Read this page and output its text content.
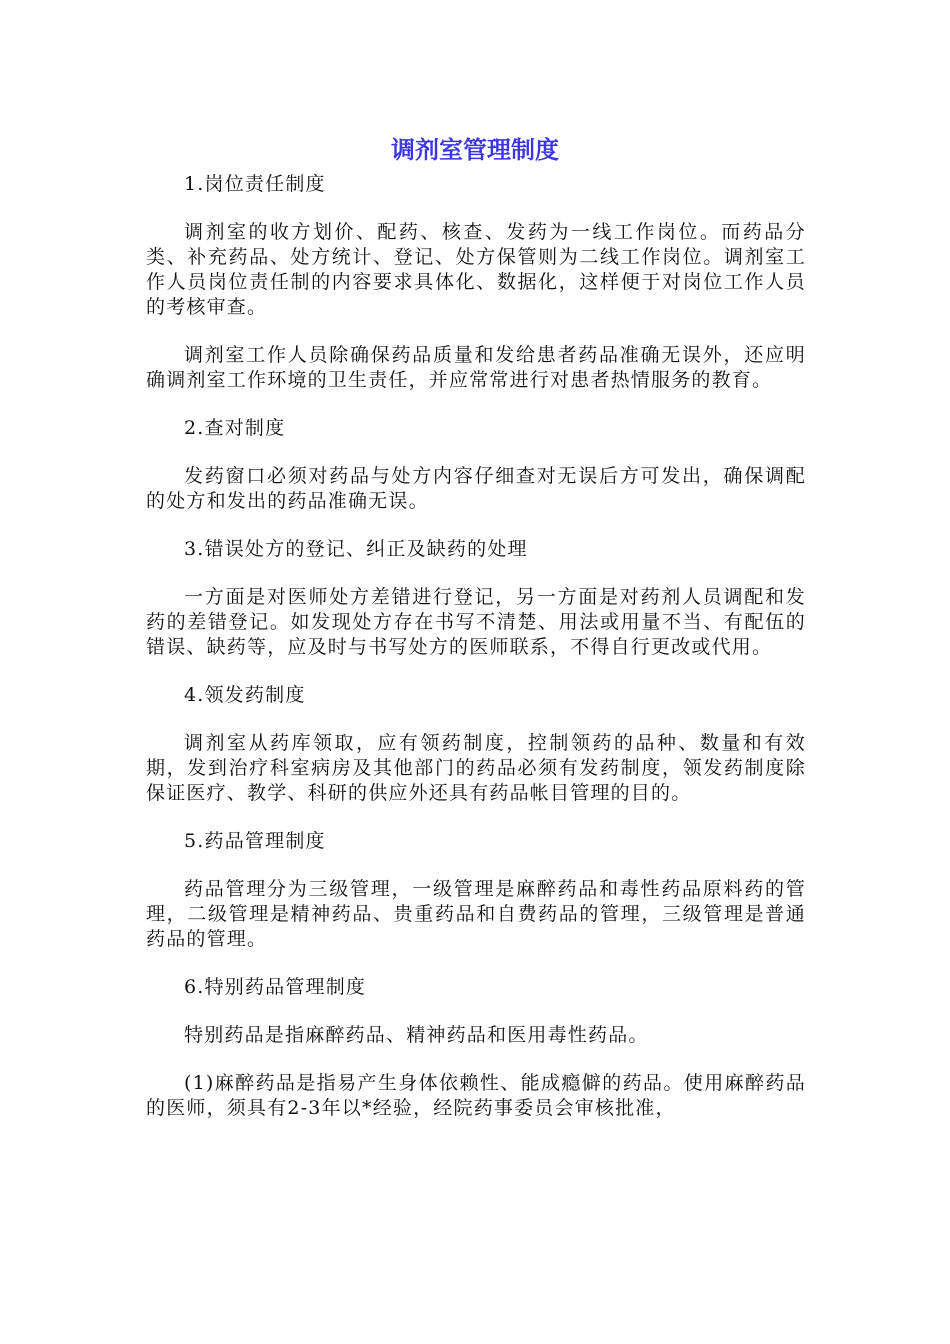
调剂室管理制度

1.岗位责任制度

调剂室的收方划价、配药、核查、发药为一线工作岗位。而药品分类、补充药品、处方统计、登记、处方保管则为二线工作岗位。调剂室工作人员岗位责任制的内容要求具体化、数据化，这样便于对岗位工作人员的考核审查。

调剂室工作人员除确保药品质量和发给患者药品准确无误外，还应明确调剂室工作环境的卫生责任，并应常常进行对患者热情服务的教育。

2.查对制度

发药窗口必须对药品与处方内容仔细查对无误后方可发出，确保调配的处方和发出的药品准确无误。

3.错误处方的登记、纠正及缺药的处理

一方面是对医师处方差错进行登记，另一方面是对药剂人员调配和发药的差错登记。如发现处方存在书写不清楚、用法或用量不当、有配伍的错误、缺药等，应及时与书写处方的医师联系，不得自行更改或代用。

4.领发药制度

调剂室从药库领取，应有领药制度，控制领药的品种、数量和有效期，发到治疗科室病房及其他部门的药品必须有发药制度，领发药制度除保证医疗、教学、科研的供应外还具有药品帐目管理的目的。

5.药品管理制度

药品管理分为三级管理，一级管理是麻醉药品和毒性药品原料药的管理，二级管理是精神药品、贵重药品和自费药品的管理，三级管理是普通药品的管理。

6.特别药品管理制度

特别药品是指麻醉药品、精神药品和医用毒性药品。

(1)麻醉药品是指易产生身体依赖性、能成瘾僻的药品。使用麻醉药品的医师，须具有2-3年以*经验，经院药事委员会审核批准，
